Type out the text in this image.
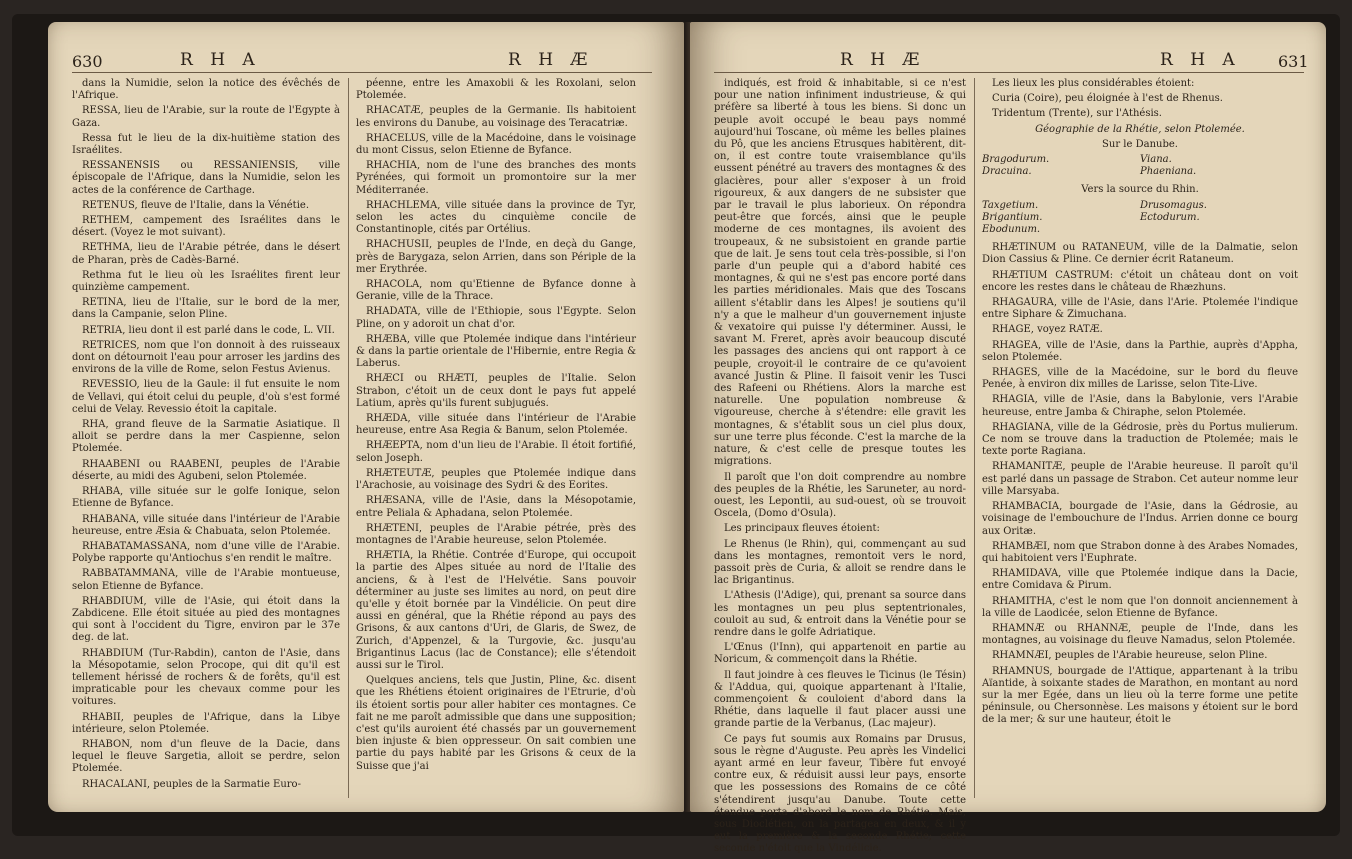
630	R H A	R H Æ

dans la Numidie, selon la notice des évêchés de l'Afrique.

RESSA, lieu de l'Arabie, sur la route de l'Egypte à Gaza.

Ressa fut le lieu de la dix-huitième station des Israélites.

RESSANENSIS ou RESSANIENSIS, ville épiscopale de l'Afrique, dans la Numidie, selon les actes de la conférence de Carthage.

RETENUS, fleuve de l'Italie, dans la Vénétie.

RETHEM, campement des Israélites dans le désert. (Voyez le mot suivant).

RETHMA, lieu de l'Arabie pétrée, dans le désert de Pharan, près de Cadès-Barné.

Rethma fut le lieu où les Israélites firent leur quinzième campement.

RETINA, lieu de l'Italie, sur le bord de la mer, dans la Campanie, selon Pline.

RETRIA, lieu dont il est parlé dans le code, L. VII.

RETRICES, nom que l'on donnoit à des ruisseaux dont on détournoit l'eau pour arroser les jardins des environs de la ville de Rome, selon Festus Avienus.

REVESSIO, lieu de la Gaule: il fut ensuite le nom de Vellavi, qui étoit celui du peuple, d'où s'est formé celui de Velay. Revessio étoit la capitale.

RHA, grand fleuve de la Sarmatie Asiatique. Il alloit se perdre dans la mer Caspienne, selon Ptolemée.

RHAABENI ou RAABENI, peuples de l'Arabie déserte, au midi des Agubeni, selon Ptolemée.

RHABA, ville située sur le golfe Ionique, selon Etienne de Byfance.

RHABANA, ville située dans l'intérieur de l'Arabie heureuse, entre Æsia & Chabuata, selon Ptolemée.

RHABATAMASSANA, nom d'une ville de l'Arabie. Polybe rapporte qu'Antiochus s'en rendit le maître.

RABBATAMMANA, ville de l'Arabie montueuse, selon Etienne de Byfance.

RHABDIUM, ville de l'Asie, qui étoit dans la Zabdicene. Elle étoit située au pied des montagnes qui sont à l'occident du Tigre, environ par le 37e deg. de lat.

RHABDIUM (Tur-Rabdin), canton de l'Asie, dans la Mésopotamie, selon Procope, qui dit qu'il est tellement hérissé de rochers & de forêts, qu'il est impraticable pour les chevaux comme pour les voitures.

RHABII, peuples de l'Afrique, dans la Libye intérieure, selon Ptolemée.

RHABON, nom d'un fleuve de la Dacie, dans lequel le fleuve Sargetia, alloit se perdre, selon Ptolemée.

RHACALANI, peuples de la Sarmatie Euro-

péenne, entre les Amaxobii & les Roxolani, selon Ptolemée.

RHACATÆ, peuples de la Germanie. Ils habitoient les environs du Danube, au voisinage des Teracatriæ.

RHACELUS, ville de la Macédoine, dans le voisinage du mont Cissus, selon Etienne de Byfance.

RHACHIA, nom de l'une des branches des monts Pyrénées, qui formoit un promontoire sur la mer Méditerranée.

RHACHLEMA, ville située dans la province de Tyr, selon les actes du cinquième concile de Constantinople, cités par Ortélius.

RHACHUSII, peuples de l'Inde, en deçà du Gange, près de Barygaza, selon Arrien, dans son Périple de la mer Erythrée.

RHACOLA, nom qu'Etienne de Byfance donne à Geranie, ville de la Thrace.

RHADATA, ville de l'Ethiopie, sous l'Egypte. Selon Pline, on y adoroit un chat d'or.

RHÆBA, ville que Ptolemée indique dans l'intérieur & dans la partie orientale de l'Hibernie, entre Regia & Laberus.

RHÆCI ou RHÆTI, peuples de l'Italie. Selon Strabon, c'étoit un de ceux dont le pays fut appelé Latium, après qu'ils furent subjugués.

RHÆDA, ville située dans l'intérieur de l'Arabie heureuse, entre Asa Regia & Banum, selon Ptolemée.

RHÆEPTA, nom d'un lieu de l'Arabie. Il étoit fortifié, selon Joseph.

RHÆTEUTÆ, peuples que Ptolemée indique dans l'Arachosie, au voisinage des Sydri & des Eorites.

RHÆSANA, ville de l'Asie, dans la Mésopotamie, entre Peliala & Aphadana, selon Ptolemée.

RHÆTENI, peuples de l'Arabie pétrée, près des montagnes de l'Arabie heureuse, selon Ptolemée.

RHÆTIA, la Rhétie. Contrée d'Europe, qui occupoit la partie des Alpes située au nord de l'Italie des anciens, & à l'est de l'Helvétie. Sans pouvoir déterminer au juste ses limites au nord, on peut dire qu'elle y étoit bornée par la Vindélicie. On peut dire aussi en général, que la Rhétie répond au pays des Grisons, & aux cantons d'Uri, de Glaris, de Swez, de Zurich, d'Appenzel, & la Turgovie, &c. jusqu'au Brigantinus Lacus (lac de Constance); elle s'étendoit aussi sur le Tirol.

Quelques anciens, tels que Justin, Pline, &c. disent que les Rhétiens étoient originaires de l'Etrurie, d'où ils étoient sortis pour aller habiter ces montagnes. Ce fait ne me paroît admissible que dans une supposition; c'est qu'ils auroient été chassés par un gouvernement bien injuste & bien oppresseur. On sait combien une partie du pays habité par les Grisons & ceux de la Suisse que j'ai

R H Æ	R H A 631

indiqués, est froid & inhabitable, si ce n'est pour une nation infiniment industrieuse, & qui préfère sa liberté à tous les biens. Si donc un peuple avoit occupé le beau pays nommé aujourd'hui Toscane, où même les belles plaines du Pô, que les anciens Etrusques habitèrent, dit-on, il est contre toute vraisemblance qu'ils eussent pénétré au travers des montagnes & des glacières, pour aller s'exposer à un froid rigoureux, & aux dangers de ne subsister que par le travail le plus laborieux. On répondra peut-être que forcés, ainsi que le peuple moderne de ces montagnes, ils avoient des troupeaux, & ne subsistoient en grande partie que de lait. Je sens tout cela très-possible, si l'on parle d'un peuple qui a d'abord habité ces montagnes, & qui ne s'est pas encore porté dans les parties méridionales. Mais que des Toscans aillent s'établir dans les Alpes! je soutiens qu'il n'y a que le malheur d'un gouvernement injuste & vexatoire qui puisse l'y déterminer. Aussi, le savant M. Freret, après avoir beaucoup discuté les passages des anciens qui ont rapport à ce peuple, croyoit-il le contraire de ce qu'avoient avancé Justin & Pline. Il faisoit venir les Tusci des Rafeeni ou Rhétiens. Alors la marche est naturelle. Une population nombreuse & vigoureuse, cherche à s'étendre: elle gravit les montagnes, & s'établit sous un ciel plus doux, sur une terre plus féconde. C'est la marche de la nature, & c'est celle de presque toutes les migrations.

Il paroît que l'on doit comprendre au nombre des peuples de la Rhétie, les Saruneter, au nord-ouest, les Lepontii, au sud-ouest, où se trouvoit Oscela, (Domo d'Osula).

Les principaux fleuves étoient:

Le Rhenus (le Rhin), qui, commençant au sud dans les montagnes, remontoit vers le nord, passoit près de Curia, & alloit se rendre dans le lac Brigantinus.

L'Athesis (l'Adige), qui, prenant sa source dans les montagnes un peu plus septentrionales, couloit au sud, & entroit dans la Vénétie pour se rendre dans le golfe Adriatique.

L'Œnus (l'Inn), qui appartenoit en partie au Noricum, & commençoit dans la Rhétie.

Il faut joindre à ces fleuves le Ticinus (le Tésin) & l'Addua, qui, quoique appartenant à l'Italie, commençoient & couloient d'abord dans la Rhétie, dans laquelle il faut placer aussi une grande partie de la Verbanus, (Lac majeur).

Ce pays fut soumis aux Romains par Drusus, sous le règne d'Auguste. Peu après les Vindelici ayant armé en leur faveur, Tibère fut envoyé contre eux, & réduisit aussi leur pays, ensorte que les possessions des Romains de ce côté s'étendirent jusqu'au Danube. Toute cette étendue porta d'abord le nom de Rhétie. Mais, sous Dioclétien, on la partagea en deux, & il y eut la première & la seconde Rhétie; cette seconde n'étoit que la Vindélicie.

Les lieux les plus considérables étoient:

Curia (Coire), peu éloignée à l'est de Rhenus.

Tridentum (Trente), sur l'Athésis.

Géographie de la Rhétie, selon Ptolemée.

Sur le Danube.

Bragodurum.	Viana.
Dracuina.	Phaeniana.

Vers la source du Rhin.

Taxgetium.	Drusomagus.
Brigantium.	Ectodurum.
Ebodunum.

RHÆTINUM ou RATANEUM, ville de la Dalmatie, selon Dion Cassius & Pline. Ce dernier écrit Rataneum.

RHÆTIUM CASTRUM: c'étoit un château dont on voit encore les restes dans le château de Rhæzhuns.

RHAGAURA, ville de l'Asie, dans l'Arie. Ptolemée l'indique entre Siphare & Zimuchana.

RHAGE, voyez RATÆ.

RHAGEA, ville de l'Asie, dans la Parthie, auprès d'Appha, selon Ptolemée.

RHAGES, ville de la Macédoine, sur le bord du fleuve Penée, à environ dix milles de Larisse, selon Tite-Live.

RHAGIA, ville de l'Asie, dans la Babylonie, vers l'Arabie heureuse, entre Jamba & Chiraphe, selon Ptolemée.

RHAGIANA, ville de la Gédrosie, près du Portus mulierum. Ce nom se trouve dans la traduction de Ptolemée; mais le texte porte Ragiana.

RHAMANITÆ, peuple de l'Arabie heureuse. Il paroît qu'il est parlé dans un passage de Strabon. Cet auteur nomme leur ville Marsyaba.

RHAMBACIA, bourgade de l'Asie, dans la Gédrosie, au voisinage de l'embouchure de l'Indus. Arrien donne ce bourg aux Oritæ.

RHAMBÆI, nom que Strabon donne à des Arabes Nomades, qui habitoient vers l'Euphrate.

RHAMIDAVA, ville que Ptolemée indique dans la Dacie, entre Comidava & Pirum.

RHAMITHA, c'est le nom que l'on donnoit anciennement à la ville de Laodicée, selon Etienne de Byfance.

RHAMNÆ ou RHANNÆ, peuple de l'Inde, dans les montagnes, au voisinage du fleuve Namadus, selon Ptolemée.

RHAMNÆI, peuples de l'Arabie heureuse, selon Pline.

RHAMNUS, bourgade de l'Attique, appartenant à la tribu Aïantide, à soixante stades de Marathon, en montant au nord sur la mer Egée, dans un lieu où la terre forme une petite péninsule, ou Chersonnèse. Les maisons y étoient sur le bord de la mer; & sur une hauteur, étoit le
